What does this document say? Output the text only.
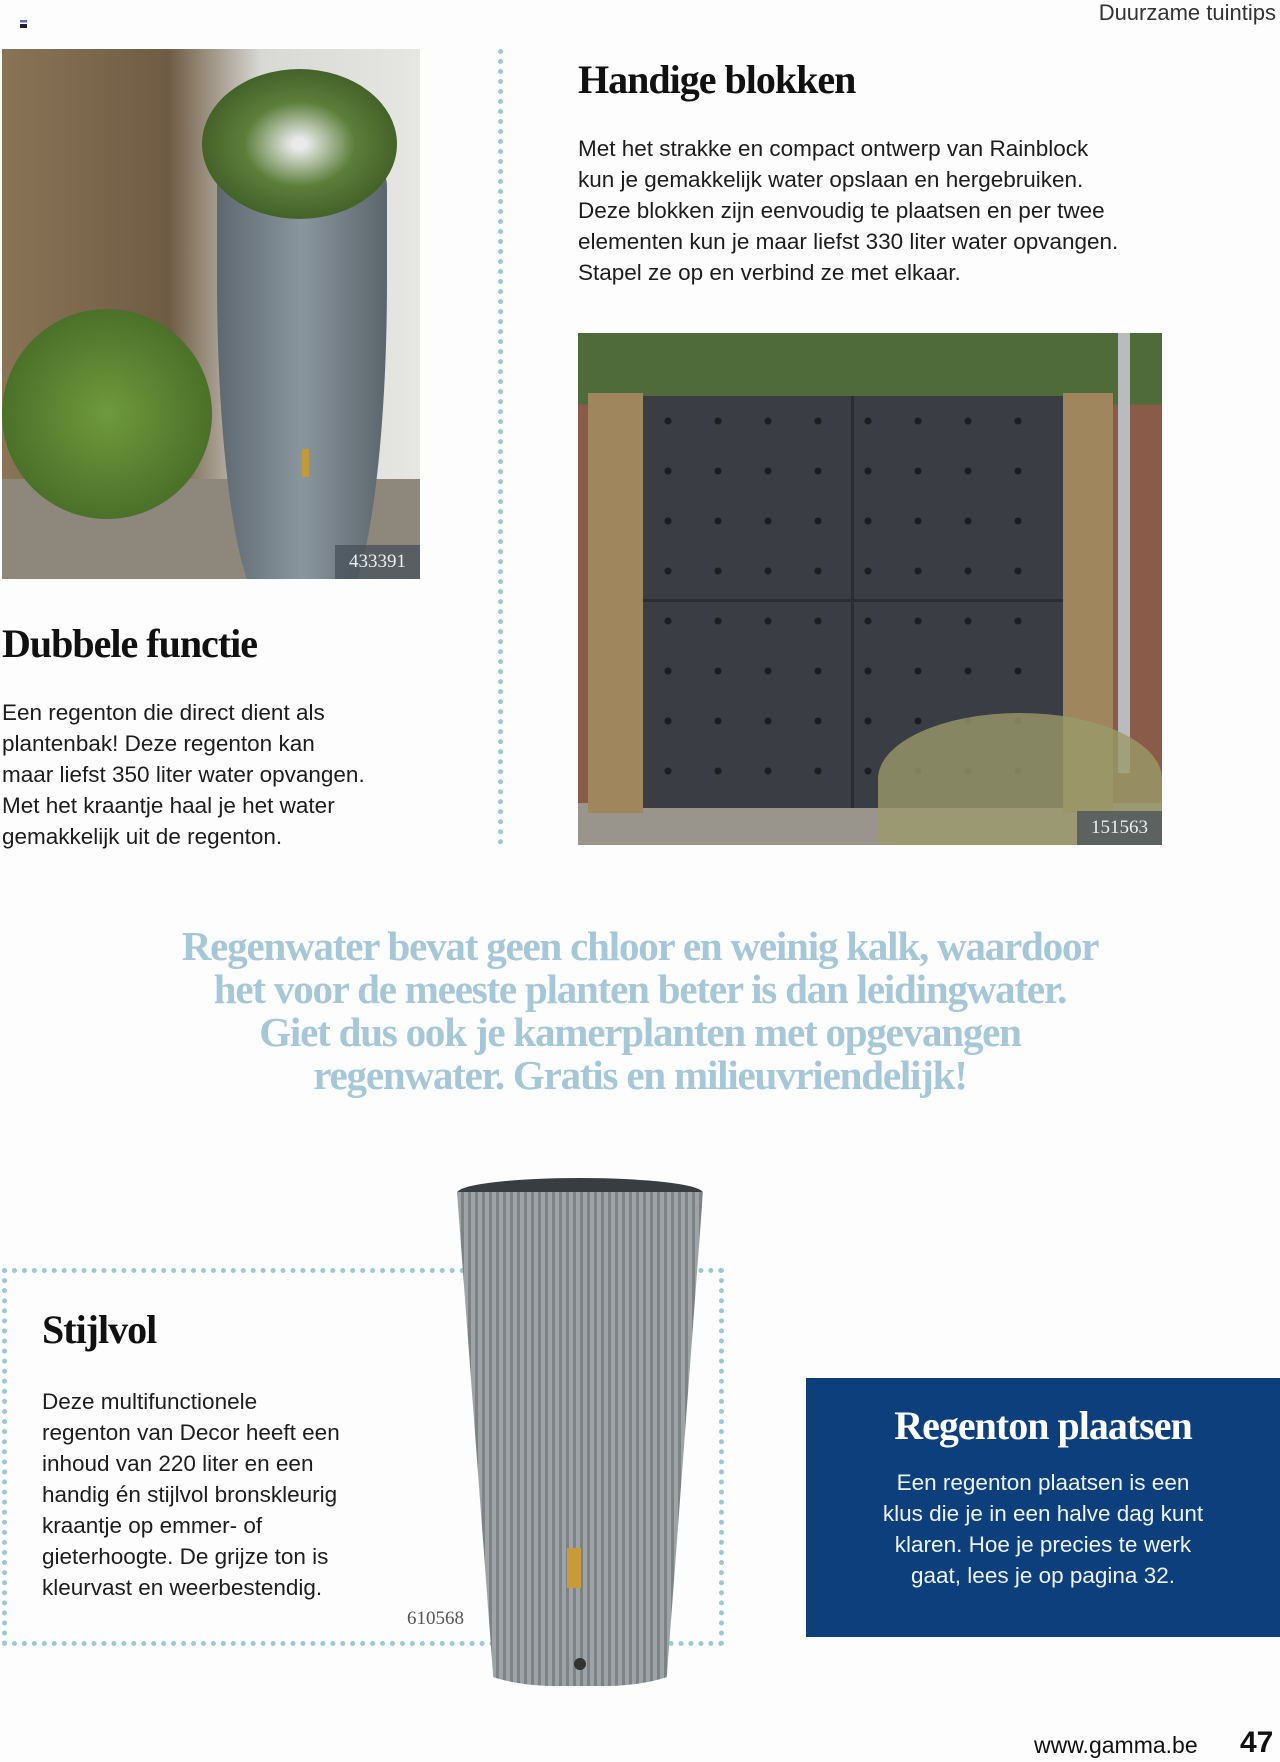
Duurzame tuintips
433391
Handige blokken
Met het strakke en compact ontwerp van Rainblock
kun je gemakkelijk water opslaan en hergebruiken.
Deze blokken zijn eenvoudig te plaatsen en per twee
elementen kun je maar liefst 330 liter water opvangen.
Stapel ze op en verbind ze met elkaar.
151563
Dubbele functie
Een regenton die direct dient als
plantenbak! Deze regenton kan
maar liefst 350 liter water opvangen.
Met het kraantje haal je het water
gemakkelijk uit de regenton.
Regenwater bevat geen chloor en weinig kalk, waardoor
het voor de meeste planten beter is dan leidingwater.
Giet dus ook je kamerplanten met opgevangen
regenwater. Gratis en milieuvriendelijk!
Stijlvol
Deze multifunctionele
regenton van Decor heeft een
inhoud van 220 liter en een
handig én stijlvol bronskleurig
kraantje op emmer- of
gieterhoogte. De grijze ton is
kleurvast en weerbestendig.
610568
Regenton plaatsen
Een regenton plaatsen is een
klus die je in een halve dag kunt
klaren. Hoe je precies te werk
gaat, lees je op pagina 32.
www.gamma.be 47
